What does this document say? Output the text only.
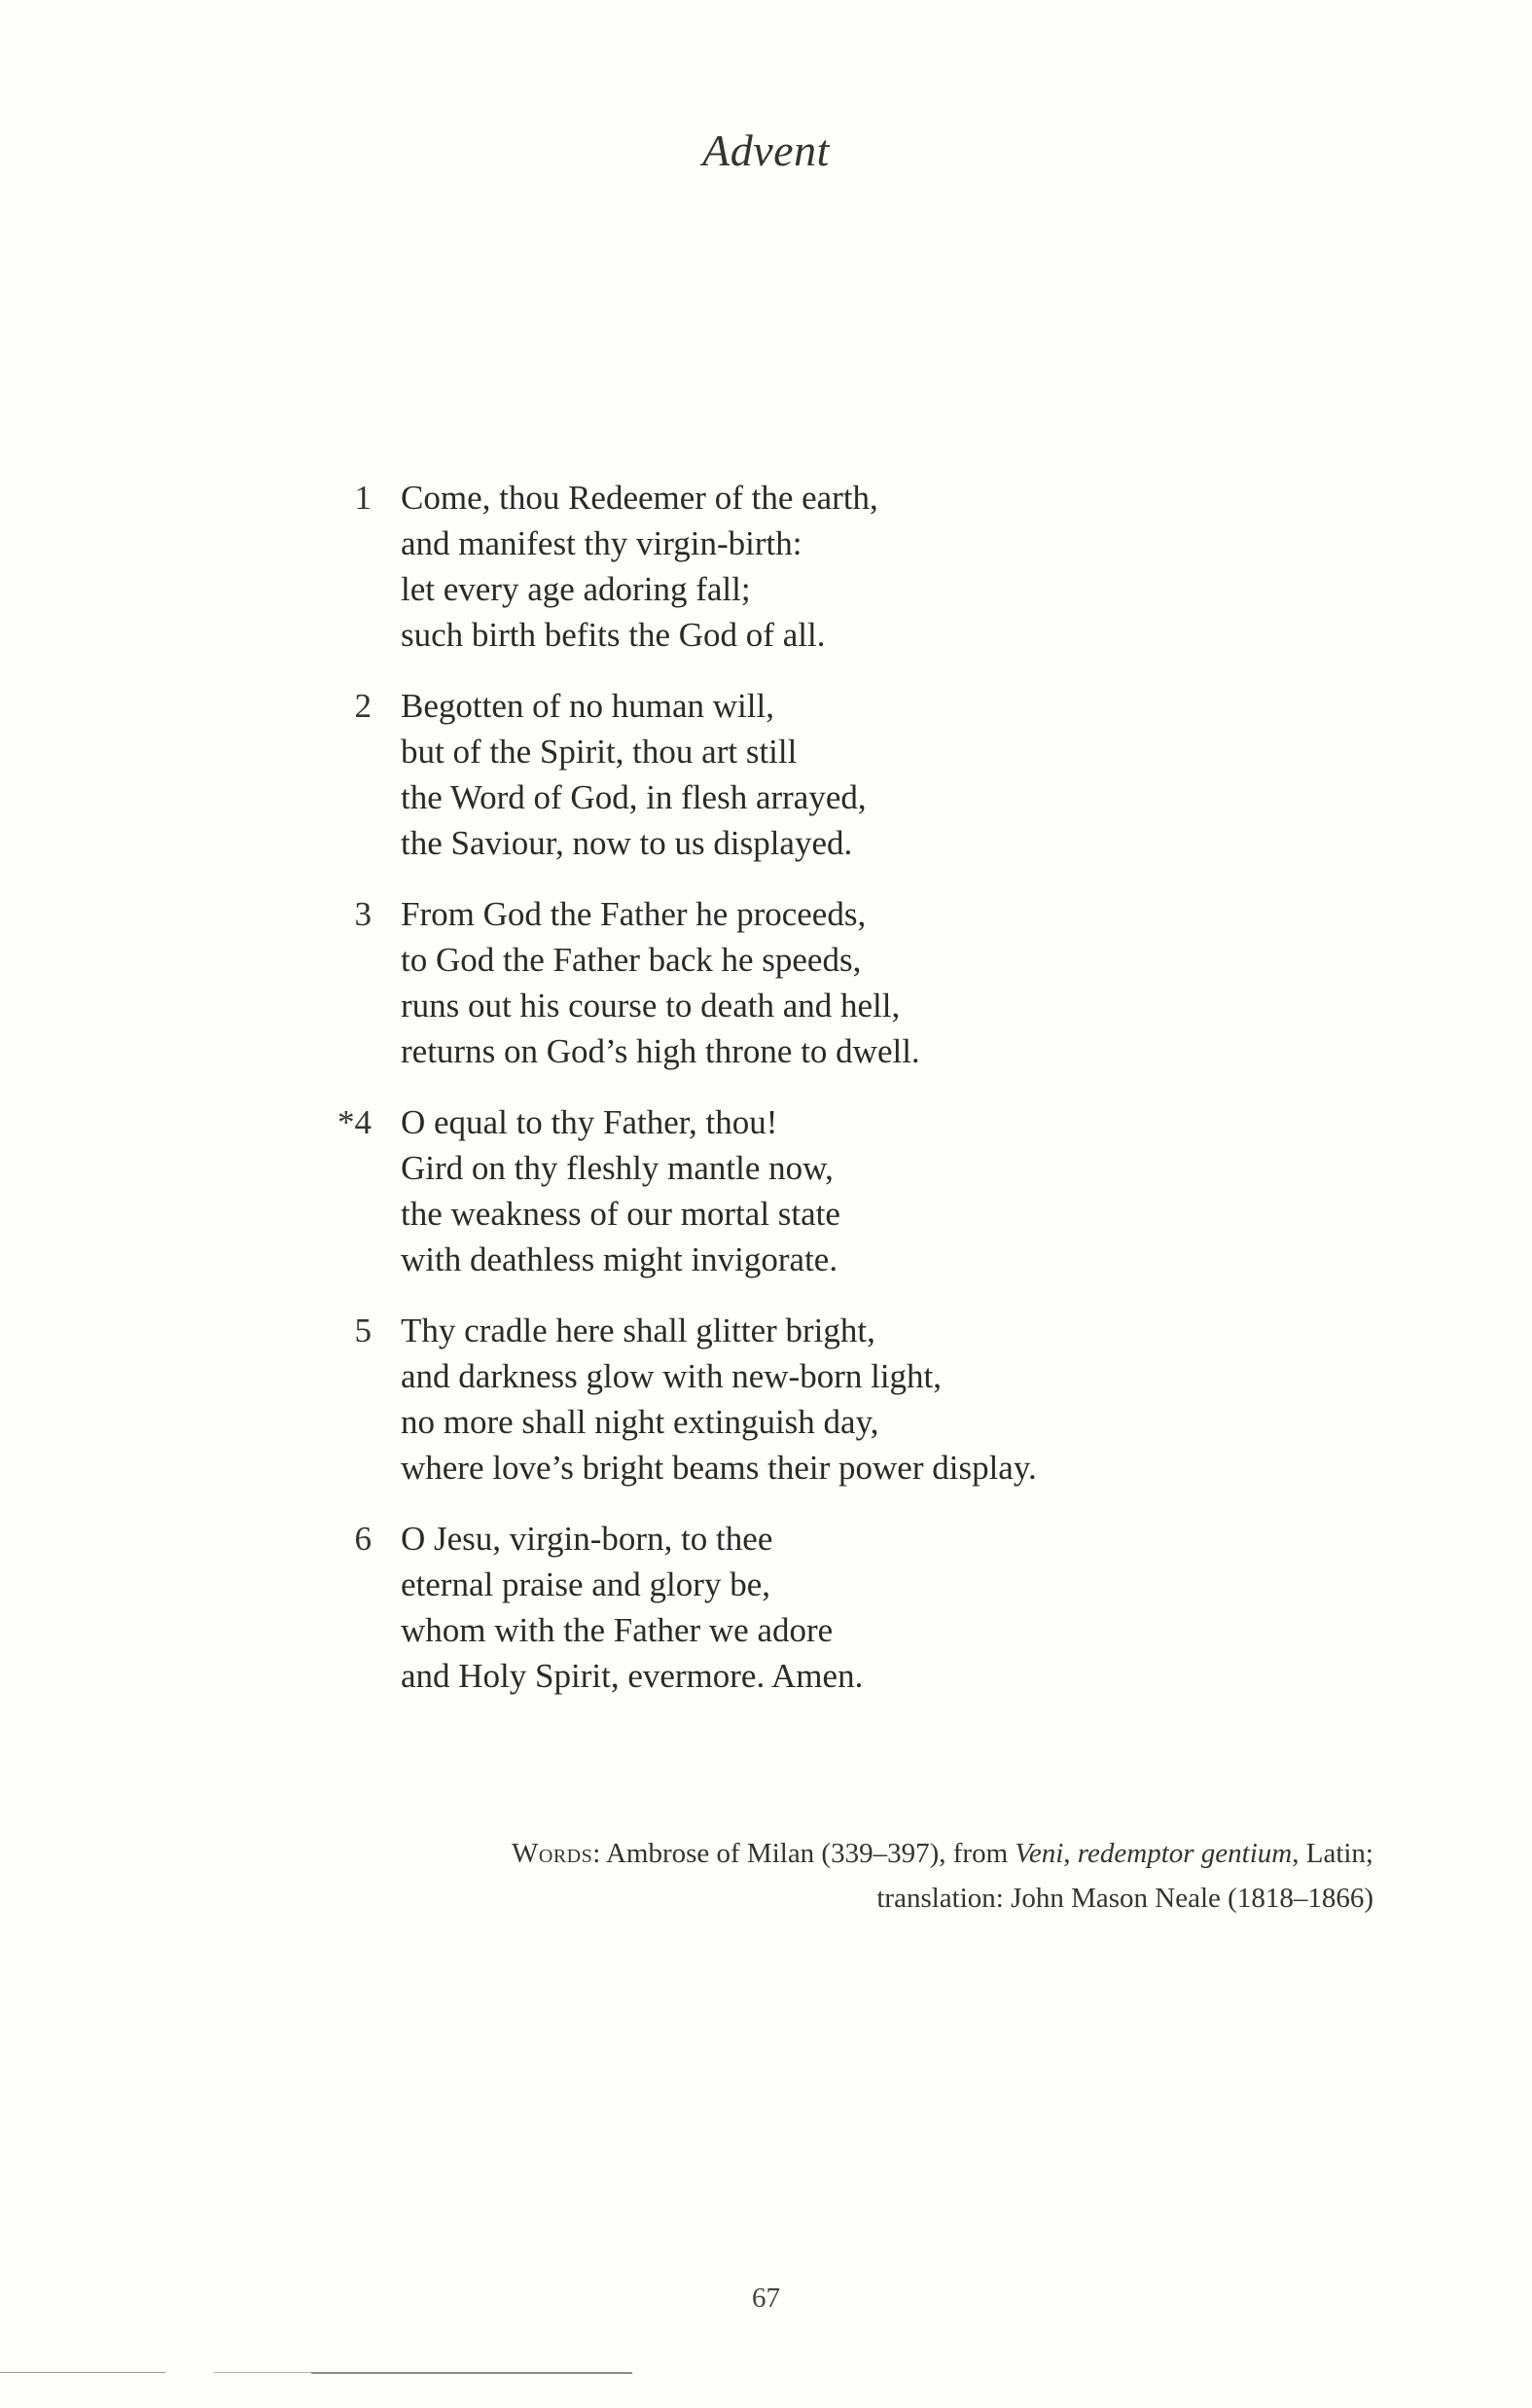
Advent
1 Come, thou Redeemer of the earth,
and manifest thy virgin-birth:
let every age adoring fall;
such birth befits the God of all.
2 Begotten of no human will,
but of the Spirit, thou art still
the Word of God, in flesh arrayed,
the Saviour, now to us displayed.
3 From God the Father he proceeds,
to God the Father back he speeds,
runs out his course to death and hell,
returns on God’s high throne to dwell.
*4 O equal to thy Father, thou!
Gird on thy fleshly mantle now,
the weakness of our mortal state
with deathless might invigorate.
5 Thy cradle here shall glitter bright,
and darkness glow with new-born light,
no more shall night extinguish day,
where love’s bright beams their power display.
6 O Jesu, virgin-born, to thee
eternal praise and glory be,
whom with the Father we adore
and Holy Spirit, evermore. Amen.
Words: Ambrose of Milan (339–397), from Veni, redemptor gentium, Latin;
translation: John Mason Neale (1818–1866)
67
